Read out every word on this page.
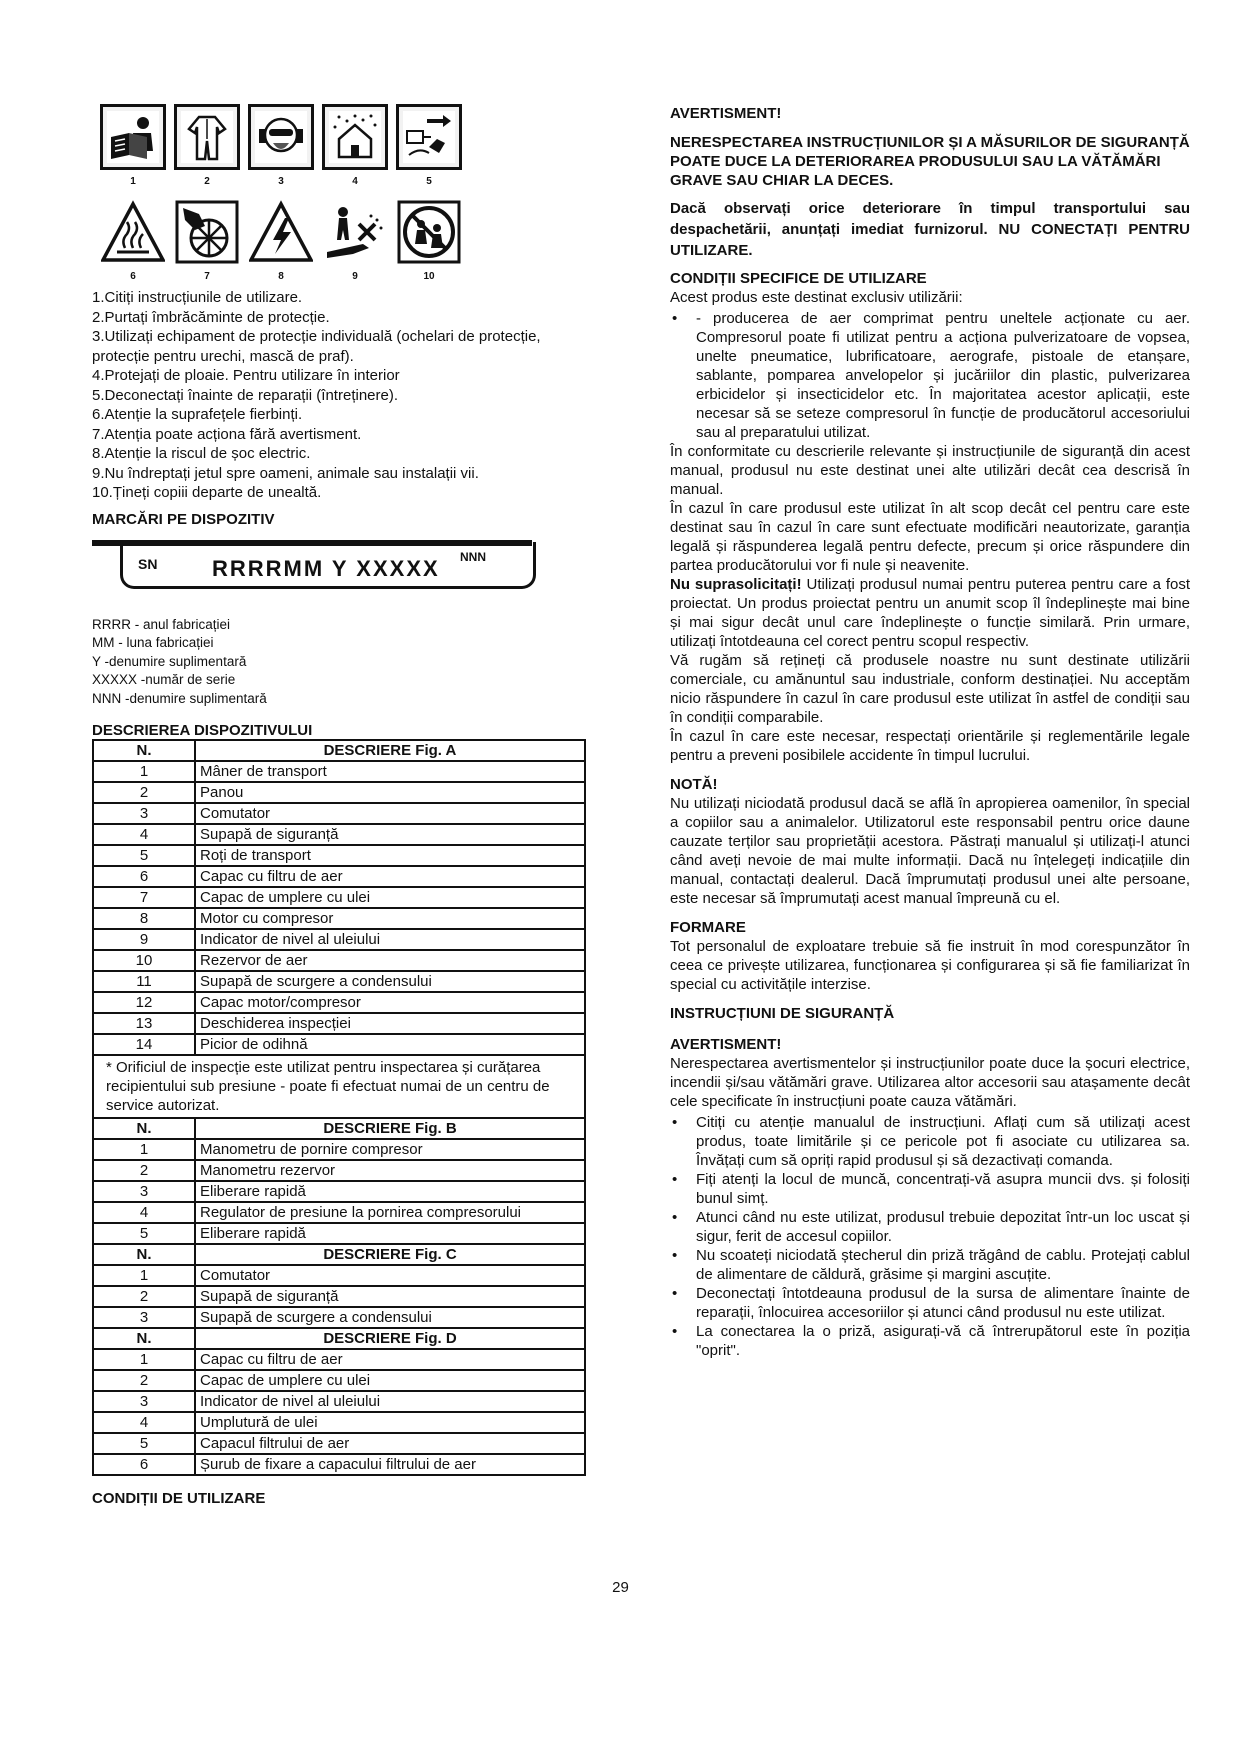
1	2	3	4	5
6	7	8	9	10
1.Citiți instrucțiunile de utilizare.
2.Purtați îmbrăcăminte de protecție.
3.Utilizați echipament de protecție individuală (ochelari de protecție, protecție pentru urechi, mască de praf).
4.Protejați de ploaie. Pentru utilizare în interior
5.Deconectați înainte de reparații (întreținere).
6.Atenție la suprafețele fierbinți.
7.Atenția poate acționa fără avertisment.
8.Atenție la riscul de șoc electric.
9.Nu îndreptați jetul spre oameni, animale sau instalații vii.
10.Țineți copiii departe de unealtă.
MARCĂRI PE DISPOZITIV
SN RRRRMM Y XXXXX NNN
RRRR - anul fabricației
MM - luna fabricației
Y -denumire suplimentară
XXXXX -număr de serie
NNN -denumire suplimentară
DESCRIEREA DISPOZITIVULUI
N.	DESCRIERE Fig. A
1	Mâner de transport
2	Panou
3	Comutator
4	Supapă de siguranță
5	Roți de transport
6	Capac cu filtru de aer
7	Capac de umplere cu ulei
8	Motor cu compresor
9	Indicator de nivel al uleiului
10	Rezervor de aer
11	Supapă de scurgere a condensului
12	Capac motor/compresor
13	Deschiderea inspecției
14	Picior de odihnă
* Orificiul de inspecție este utilizat pentru inspectarea și curățarea recipientului sub presiune - poate fi efectuat numai de un centru de service autorizat.	
N.	DESCRIERE Fig. B
1	Manometru de pornire compresor
2	Manometru rezervor
3	Eliberare rapidă
4	Regulator de presiune la pornirea compresorului
5	Eliberare rapidă
N.	DESCRIERE Fig. C
1	Comutator
2	Supapă de siguranță
3	Supapă de scurgere a condensului
N.	DESCRIERE Fig. D
1	Capac cu filtru de aer
2	Capac de umplere cu ulei
3	Indicator de nivel al uleiului
4	Umplutură de ulei
5	Capacul filtrului de aer
6	Șurub de fixare a capacului filtrului de aer
CONDIȚII DE UTILIZARE
AVERTISMENT!
NERESPECTAREA INSTRUCȚIUNILOR ȘI A MĂSURILOR DE SIGURANȚĂ POATE DUCE LA DETERIORAREA PRODUSULUI SAU LA VĂTĂMĂRI GRAVE SAU CHIAR LA DECES.
Dacă observați orice deteriorare în timpul transportului sau despachetării, anunțați imediat furnizorul. NU CONECTAȚI PENTRU UTILIZARE.
CONDIȚII SPECIFICE DE UTILIZARE

Acest produs este destinat exclusiv utilizării:

• - producerea de aer comprimat pentru uneltele acționate cu aer. Compresorul poate fi utilizat pentru a acționa pulverizatoare de vopsea, unelte pneumatice, lubrificatoare, aerografe, pistoale de etanșare, sablante, pomparea anvelopelor și jucăriilor din plastic, pulverizarea erbicidelor și insecticidelor etc. În majoritatea acestor aplicații, este necesar să se seteze compresorul în funcție de producătorul accesoriului sau al preparatului utilizat.

În conformitate cu descrierile relevante și instrucțiunile de siguranță din acest manual, produsul nu este destinat unei alte utilizări decât cea descrisă în manual.

În cazul în care produsul este utilizat în alt scop decât cel pentru care este destinat sau în cazul în care sunt efectuate modificări neautorizate, garanția legală și răspunderea legală pentru defecte, precum și orice răspundere din partea producătorului vor fi nule și neavenite.

Nu suprasolicitați! Utilizați produsul numai pentru puterea pentru care a fost proiectat. Un produs proiectat pentru un anumit scop îl îndeplinește mai bine și mai sigur decât unul care îndeplinește o funcție similară. Prin urmare, utilizați întotdeauna cel corect pentru scopul respectiv.

Vă rugăm să rețineți că produsele noastre nu sunt destinate utilizării comerciale, cu amănuntul sau industriale, conform destinației. Nu acceptăm nicio răspundere în cazul în care produsul este utilizat în astfel de condiții sau în condiții comparabile.

În cazul în care este necesar, respectați orientările și reglementările legale pentru a preveni posibilele accidente în timpul lucrului.

NOTĂ!

Nu utilizați niciodată produsul dacă se află în apropierea oamenilor, în special a copiilor sau a animalelor. Utilizatorul este responsabil pentru orice daune cauzate terților sau proprietății acestora. Păstrați manualul și utilizați-l atunci când aveți nevoie de mai multe informații. Dacă nu înțelegeți indicațiile din manual, contactați dealerul. Dacă împrumutați produsul unei alte persoane, este necesar să împrumutați acest manual împreună cu el.

FORMARE

Tot personalul de exploatare trebuie să fie instruit în mod corespunzător în ceea ce privește utilizarea, funcționarea și configurarea și să fie familiarizat în special cu activitățile interzise.

INSTRUCȚIUNI DE SIGURANȚĂ
AVERTISMENT!

Nerespectarea avertismentelor și instrucțiunilor poate duce la șocuri electrice, incendii și/sau vătămări grave. Utilizarea altor accesorii sau atașamente decât cele specificate în instrucțiuni poate cauza vătămări.

• Citiți cu atenție manualul de instrucțiuni. Aflați cum să utilizați acest produs, toate limitările și ce pericole pot fi asociate cu utilizarea sa. Învățați cum să opriți rapid produsul și să dezactivați comanda.
• Fiți atenți la locul de muncă, concentrați-vă asupra muncii dvs. și folosiți bunul simț.
• Atunci când nu este utilizat, produsul trebuie depozitat într-un loc uscat și sigur, ferit de accesul copiilor.
• Nu scoateți niciodată ștecherul din priză trăgând de cablu. Protejați cablul de alimentare de căldură, grăsime și margini ascuțite.
• Deconectați întotdeauna produsul de la sursa de alimentare înainte de reparații, înlocuirea accesoriilor și atunci când produsul nu este utilizat.
• La conectarea la o priză, asigurați-vă că întrerupătorul este în poziția "oprit".
29
